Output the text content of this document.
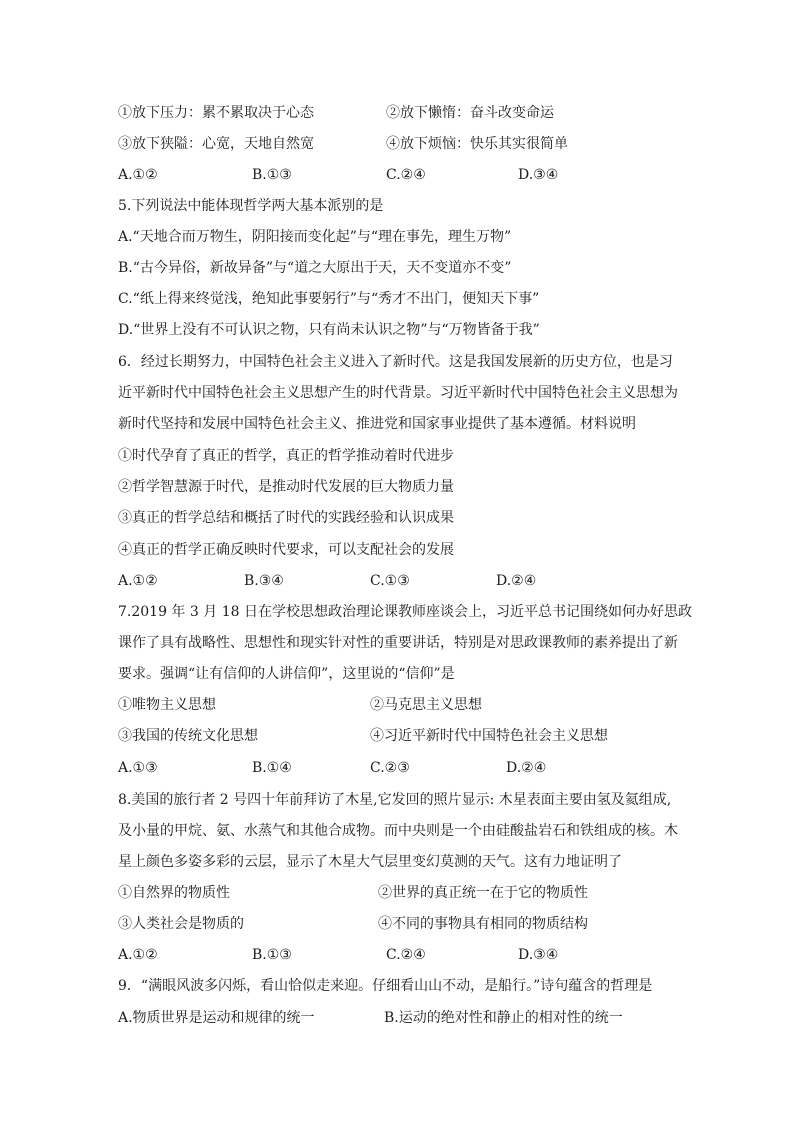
①放下压力：累不累取决于心态	②放下懒惰：奋斗改变命运
③放下狭隘：心宽，天地自然宽	④放下烦恼：快乐其实很简单
A.①②	B.①③	C.②④	D.③④
5.下列说法中能体现哲学两大基本派别的是
A.“天地合而万物生，阴阳接而变化起”与“理在事先，理生万物”
B.“古今异俗，新故异备”与“道之大原出于天，天不变道亦不变”
C.“纸上得来终觉浅，绝知此事要躬行”与“秀才不出门，便知天下事”
D.“世界上没有不可认识之物，只有尚未认识之物”与“万物皆备于我”
6．经过长期努力，中国特色社会主义进入了新时代。这是我国发展新的历史方位，也是习
近平新时代中国特色社会主义思想产生的时代背景。习近平新时代中国特色社会主义思想为
新时代坚持和发展中国特色社会主义、推进党和国家事业提供了基本遵循。材料说明
①时代孕育了真正的哲学，真正的哲学推动着时代进步
②哲学智慧源于时代，是推动时代发展的巨大物质力量
③真正的哲学总结和概括了时代的实践经验和认识成果
④真正的哲学正确反映时代要求，可以支配社会的发展
A.①②	B.③④	C.①③	D.②④
7.2019 年 3 月 18 日在学校思想政治理论课教师座谈会上，习近平总书记围绕如何办好思政
课作了具有战略性、思想性和现实针对性的重要讲话，特别是对思政课教师的素养提出了新
要求。强调“让有信仰的人讲信仰”，这里说的“信仰”是
①唯物主义思想	②马克思主义思想
③我国的传统文化思想	④习近平新时代中国特色社会主义思想
A.①③	B.①④	C.②③	D.②④
8.美国的旅行者 2 号四十年前拜访了木星,它发回的照片显示: 木星表面主要由氢及氦组成,
及小量的甲烷、氨、水蒸气和其他合成物。而中央则是一个由硅酸盐岩石和铁组成的核。木
星上颜色多姿多彩的云层，显示了木星大气层里变幻莫测的天气。这有力地证明了
①自然界的物质性	②世界的真正统一在于它的物质性
③人类社会是物质的	④不同的事物具有相同的物质结构
A.①②	B.①③	C.②④	D.③④
9．“满眼风波多闪烁，看山恰似走来迎。仔细看山山不动，是船行。”诗句蕴含的哲理是
A.物质世界是运动和规律的统一	B.运动的绝对性和静止的相对性的统一
